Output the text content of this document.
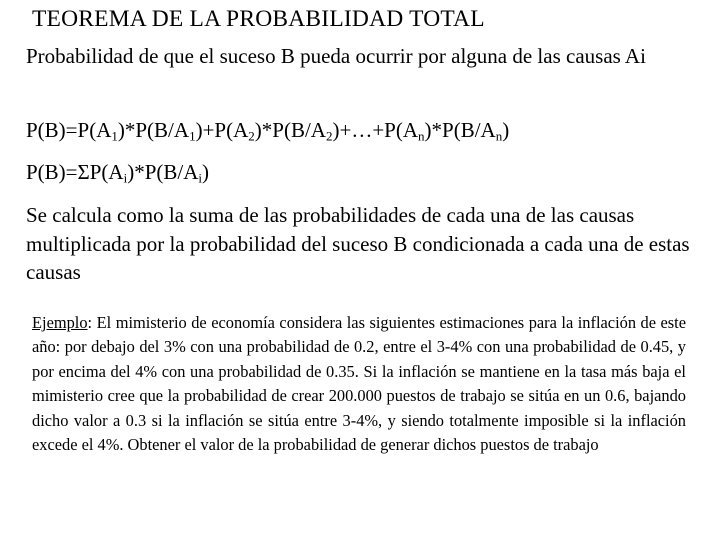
TEOREMA DE LA PROBABILIDAD TOTAL
Probabilidad de que el suceso B pueda ocurrir por alguna de las causas Ai
$P(B)=P(A_1)*P(B/A_1)+P(A_2)*P(B/A_2)+\dots+P(A_n)*P(B/A_n)$
$P(B)=\Sigma P(A_i)*P(B/A_i)$
Se calcula como la suma de las probabilidades de cada una de las causas multiplicada por la probabilidad del suceso B condicionada a cada una de estas causas
Ejemplo: El mimisterio de economía considera las siguientes estimaciones para la inflación de este año: por debajo del 3% con una probabilidad de 0.2, entre el 3-4% con una probabilidad de 0.45, y por encima del 4% con una probabilidad de 0.35. Si la inflación se mantiene en la tasa más baja el mimisterio cree que la probabilidad de crear 200.000 puestos de trabajo se sitúa en un 0.6, bajando dicho valor a 0.3 si la inflación se sitúa entre 3-4%, y siendo totalmente imposible si la inflación excede el 4%. Obtener el valor de la probabilidad de generar dichos puestos de trabajo
